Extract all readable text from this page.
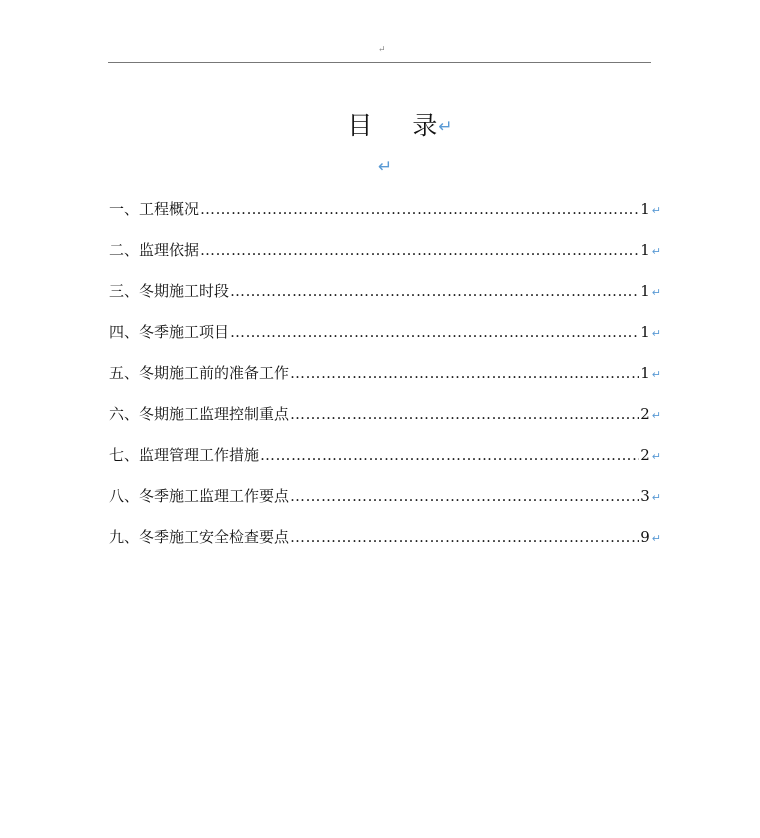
↵
目 录↵
↵
一、工程概况 ……………………………………………………………………………………………………………………………………………………………………	1 ↵
二、监理依据 ……………………………………………………………………………………………………………………………………………………………………	1 ↵
三、冬期施工时段 ……………………………………………………………………………………………………………………………………………………………………	1 ↵
四、冬季施工项目 ……………………………………………………………………………………………………………………………………………………………………	1 ↵
五、冬期施工前的准备工作 ……………………………………………………………………………………………………………………………………………………………………	1 ↵
六、冬期施工监理控制重点 ……………………………………………………………………………………………………………………………………………………………………	2 ↵
七、监理管理工作措施 ……………………………………………………………………………………………………………………………………………………………………	2 ↵
八、冬季施工监理工作要点 ……………………………………………………………………………………………………………………………………………………………………	3 ↵
九、冬季施工安全检查要点 ……………………………………………………………………………………………………………………………………………………………………	9 ↵
